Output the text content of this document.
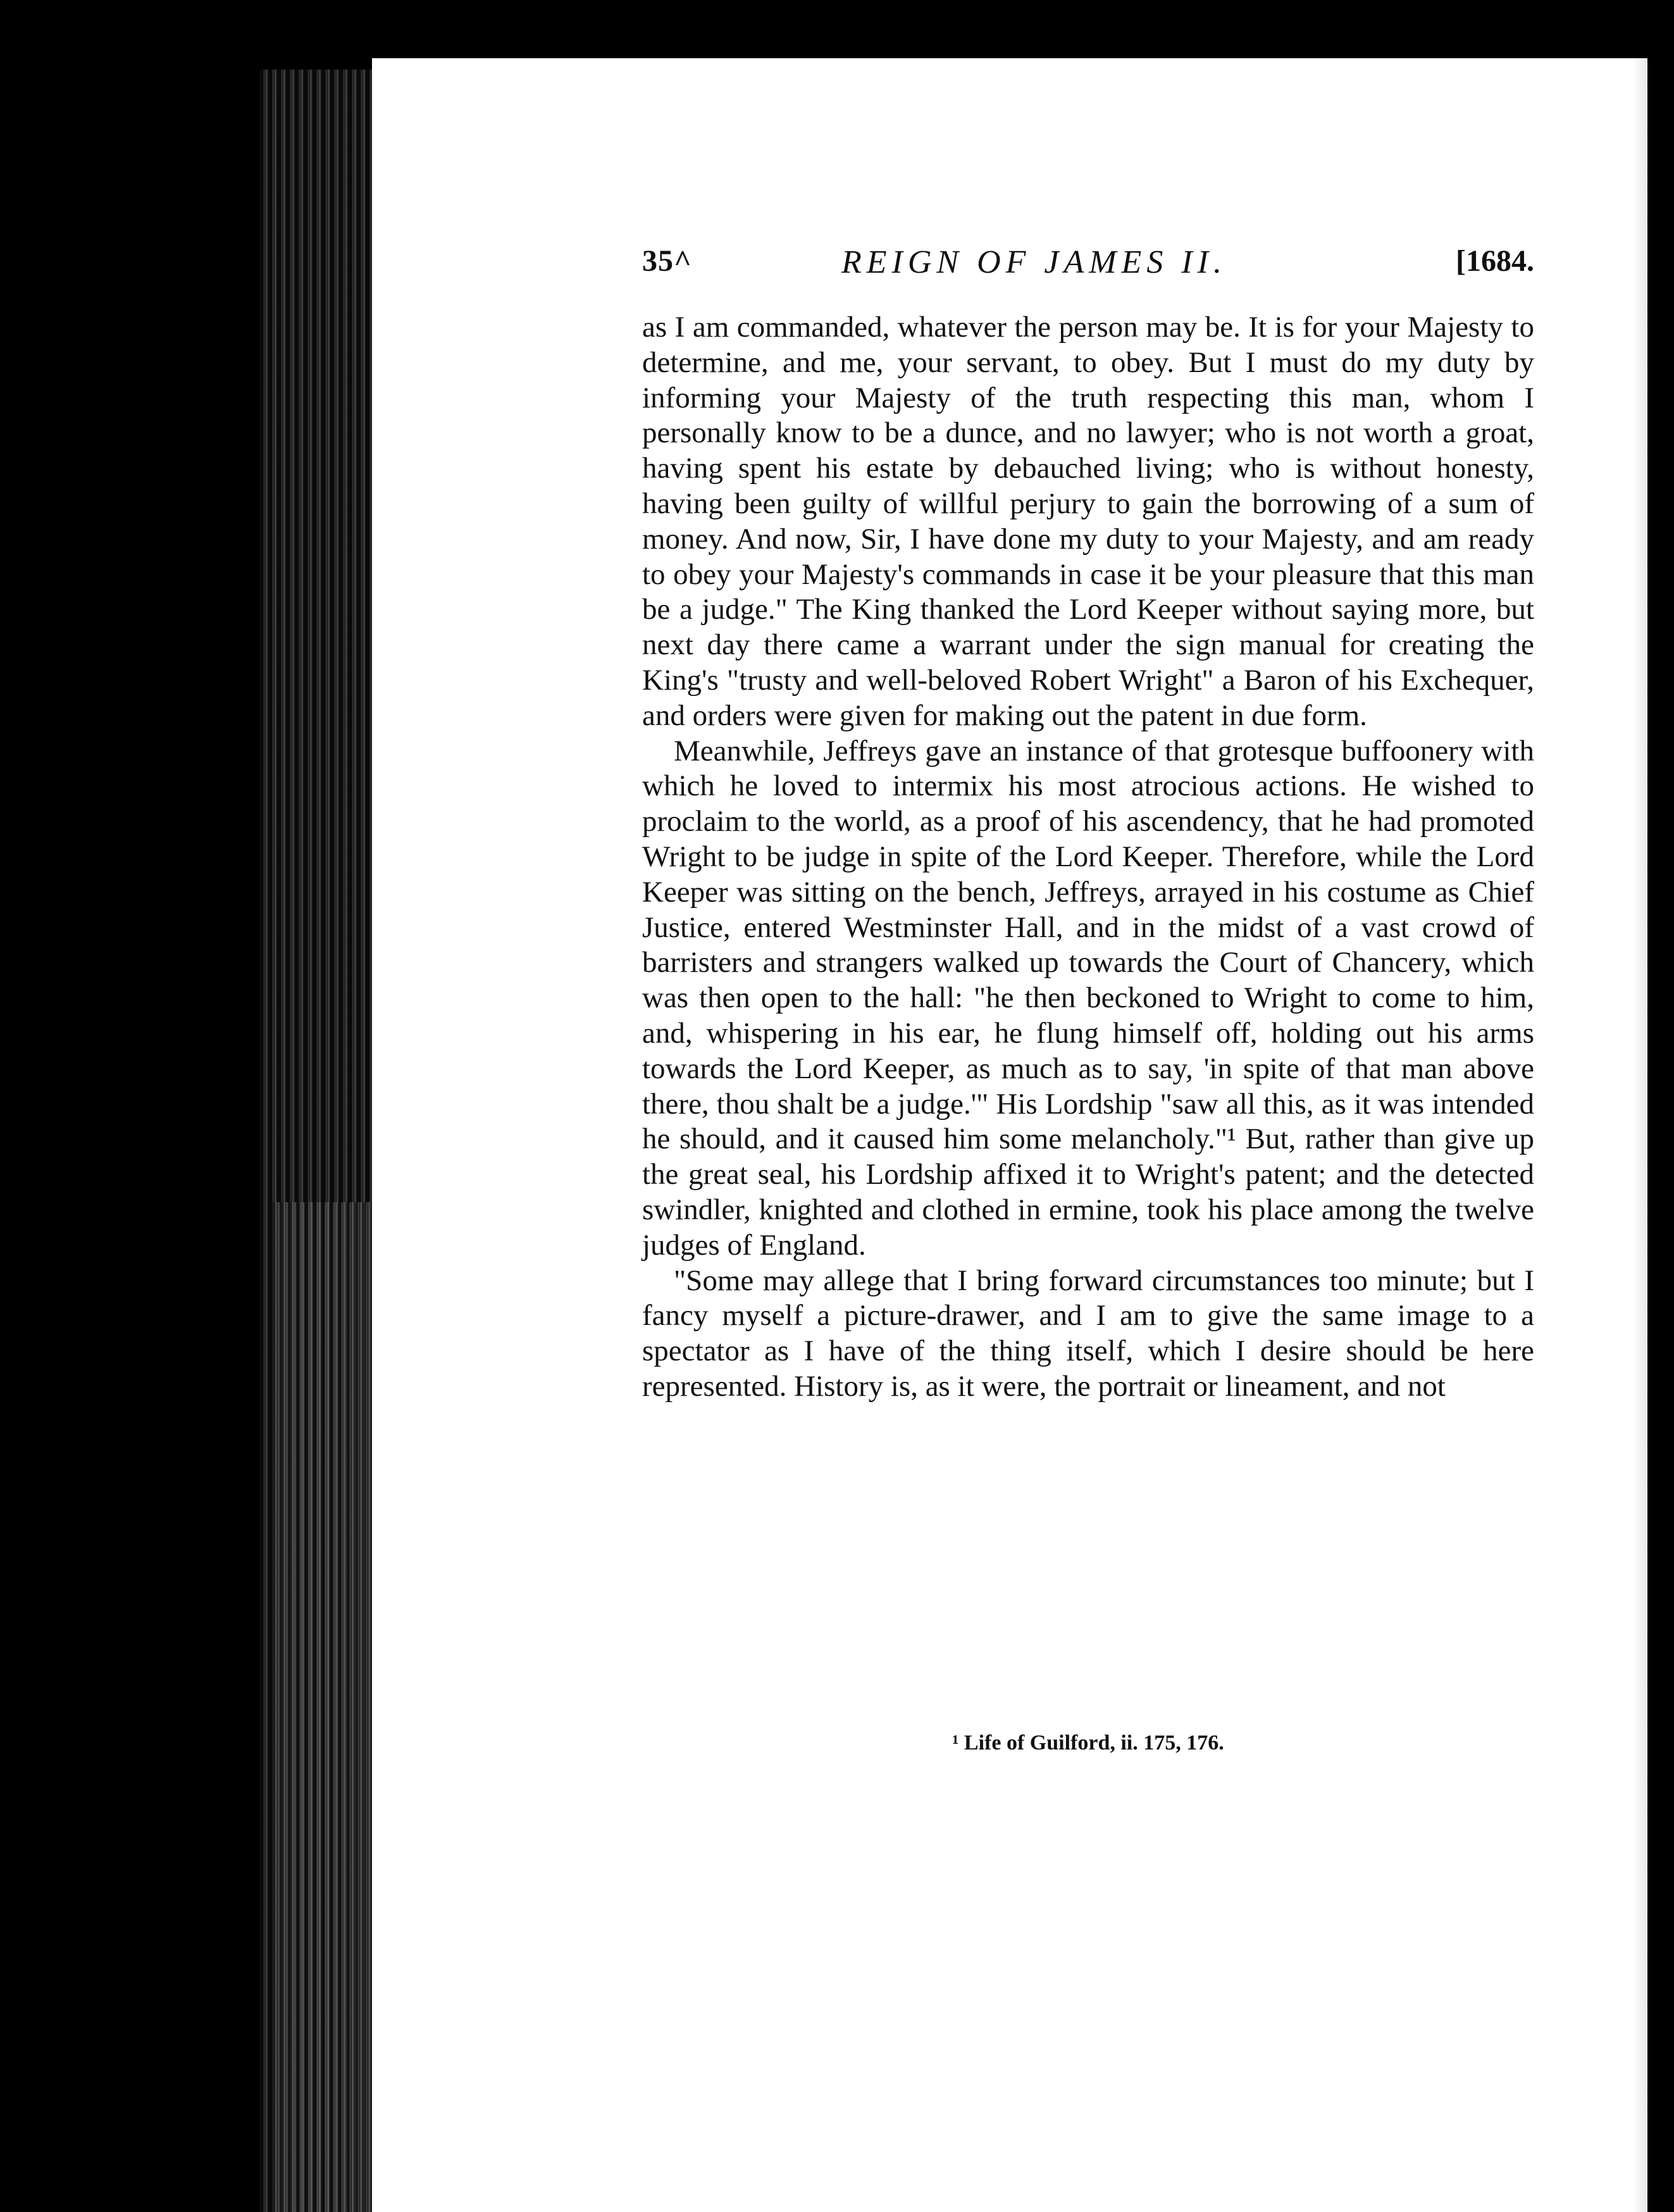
35^	REIGN OF JAMES II.	[1684.

as I am commanded, whatever the person may be. It is for your Majesty to determine, and me, your servant, to obey. But I must do my duty by informing your Majesty of the truth respecting this man, whom I personally know to be a dunce, and no lawyer; who is not worth a groat, having spent his estate by debauched living; who is without honesty, having been guilty of willful perjury to gain the borrowing of a sum of money. And now, Sir, I have done my duty to your Majesty, and am ready to obey your Majesty's commands in case it be your pleasure that this man be a judge." The King thanked the Lord Keeper without saying more, but next day there came a warrant under the sign manual for creating the King's "trusty and well-beloved Robert Wright" a Baron of his Exchequer, and orders were given for making out the patent in due form.

Meanwhile, Jeffreys gave an instance of that grotesque buffoonery with which he loved to intermix his most atrocious actions. He wished to proclaim to the world, as a proof of his ascendency, that he had promoted Wright to be judge in spite of the Lord Keeper. Therefore, while the Lord Keeper was sitting on the bench, Jeffreys, arrayed in his costume as Chief Justice, entered Westminster Hall, and in the midst of a vast crowd of barristers and strangers walked up towards the Court of Chancery, which was then open to the hall: "he then beckoned to Wright to come to him, and, whispering in his ear, he flung himself off, holding out his arms towards the Lord Keeper, as much as to say, 'in spite of that man above there, thou shalt be a judge.'" His Lordship "saw all this, as it was intended he should, and it caused him some melancholy."¹ But, rather than give up the great seal, his Lordship affixed it to Wright's patent; and the detected swindler, knighted and clothed in ermine, took his place among the twelve judges of England.

"Some may allege that I bring forward circumstances too minute; but I fancy myself a picture-drawer, and I am to give the same image to a spectator as I have of the thing itself, which I desire should be here represented. History is, as it were, the portrait or lineament, and not

¹ Life of Guilford, ii. 175, 176.
